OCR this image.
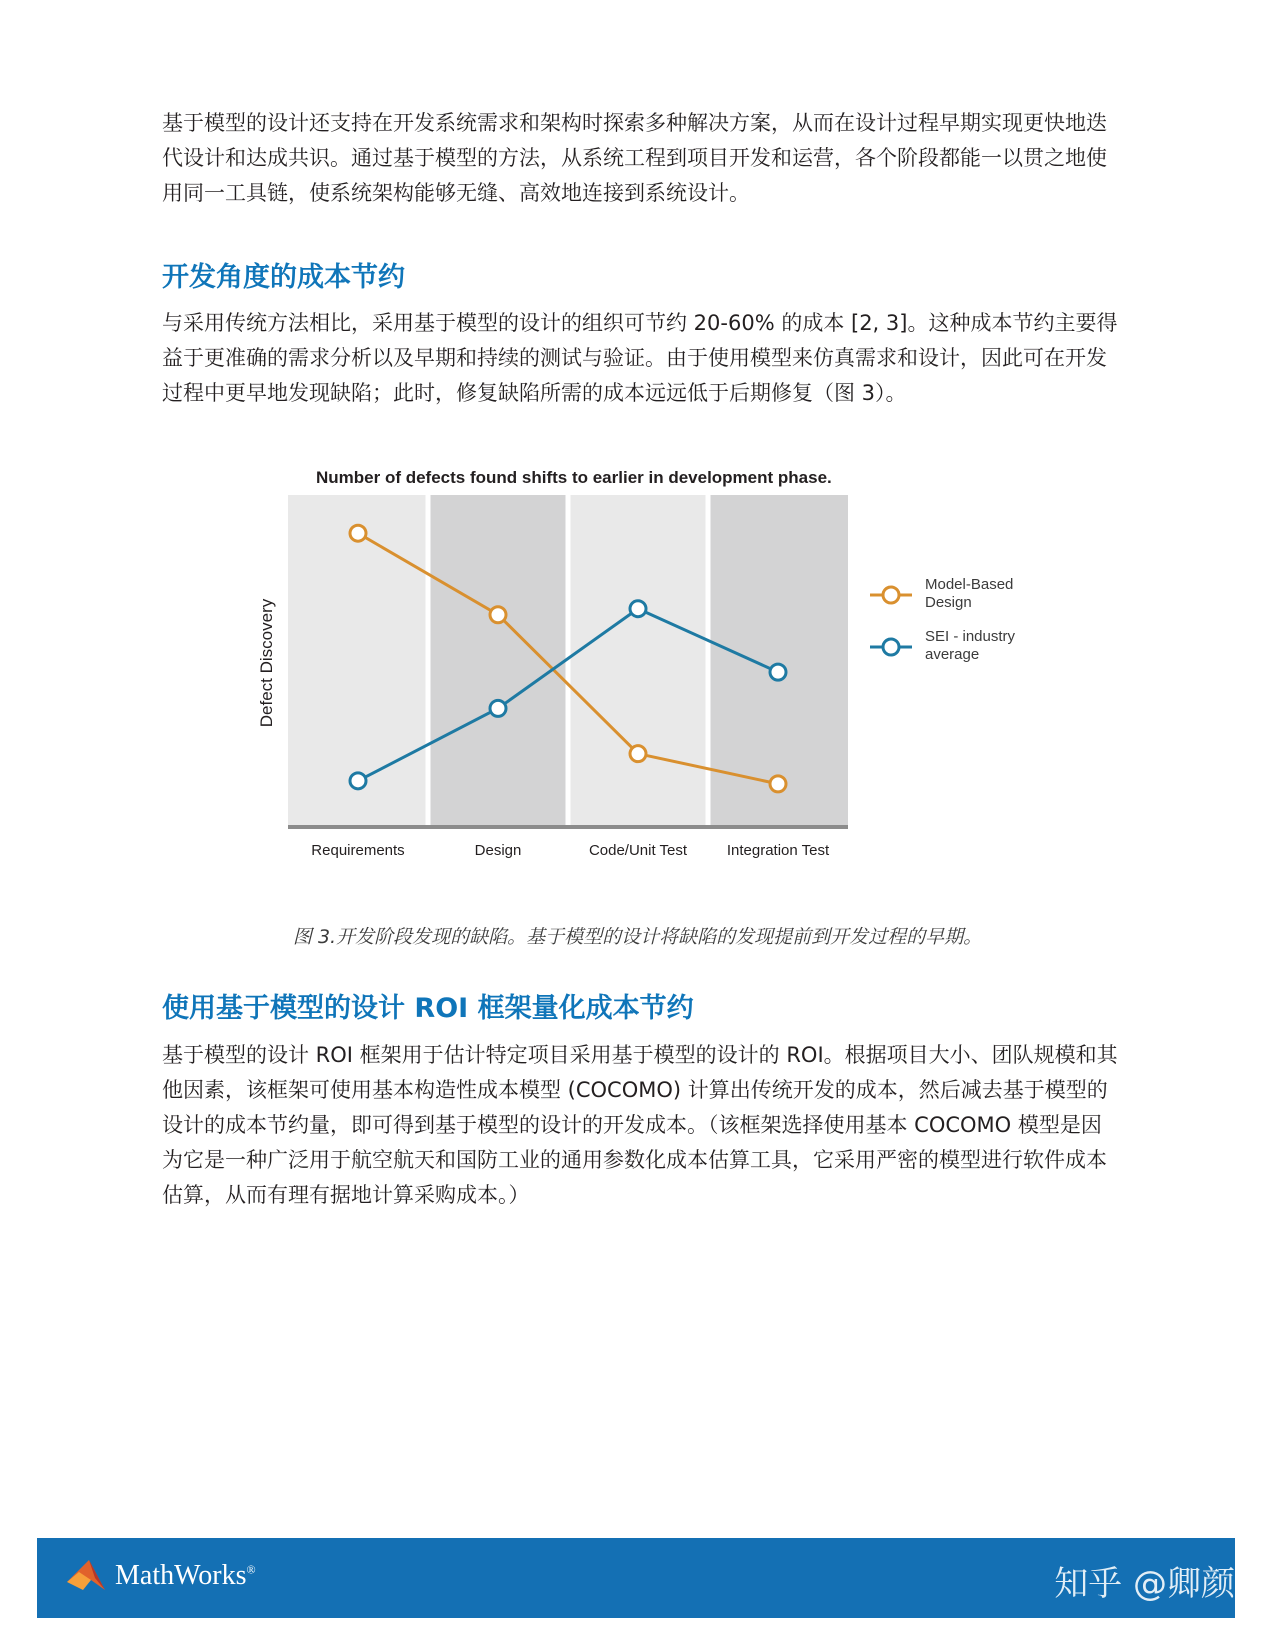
基于模型的设计还支持在开发系统需求和架构时探索多种解决方案，从而在设计过程早期实现更快地迭代设计和达成共识。通过基于模型的方法，从系统工程到项目开发和运营，各个阶段都能一以贯之地使用同一工具链，使系统架构能够无缝、高效地连接到系统设计。

开发角度的成本节约

与采用传统方法相比，采用基于模型的设计的组织可节约 20-60% 的成本 [2, 3]。这种成本节约主要得益于更准确的需求分析以及早期和持续的测试与验证。由于使用模型来仿真需求和设计，因此可在开发过程中更早地发现缺陷；此时，修复缺陷所需的成本远远低于后期修复（图 3）。

Number of defects found shifts to earlier in development phase.
Defect Discovery
Requirements	Design	Code/Unit Test	Integration Test
Model-Based
Design
SEI - industry
average

图 3.开发阶段发现的缺陷。基于模型的设计将缺陷的发现提前到开发过程的早期。

使用基于模型的设计 ROI 框架量化成本节约

基于模型的设计 ROI 框架用于估计特定项目采用基于模型的设计的 ROI。根据项目大小、团队规模和其他因素，该框架可使用基本构造性成本模型 (COCOMO) 计算出传统开发的成本，然后减去基于模型的设计的成本节约量，即可得到基于模型的设计的开发成本。（该框架选择使用基本 COCOMO 模型是因为它是一种广泛用于航空航天和国防工业的通用参数化成本估算工具，它采用严密的模型进行软件成本估算，从而有理有据地计算采购成本。）

MathWorks®	知乎 @卿颜
